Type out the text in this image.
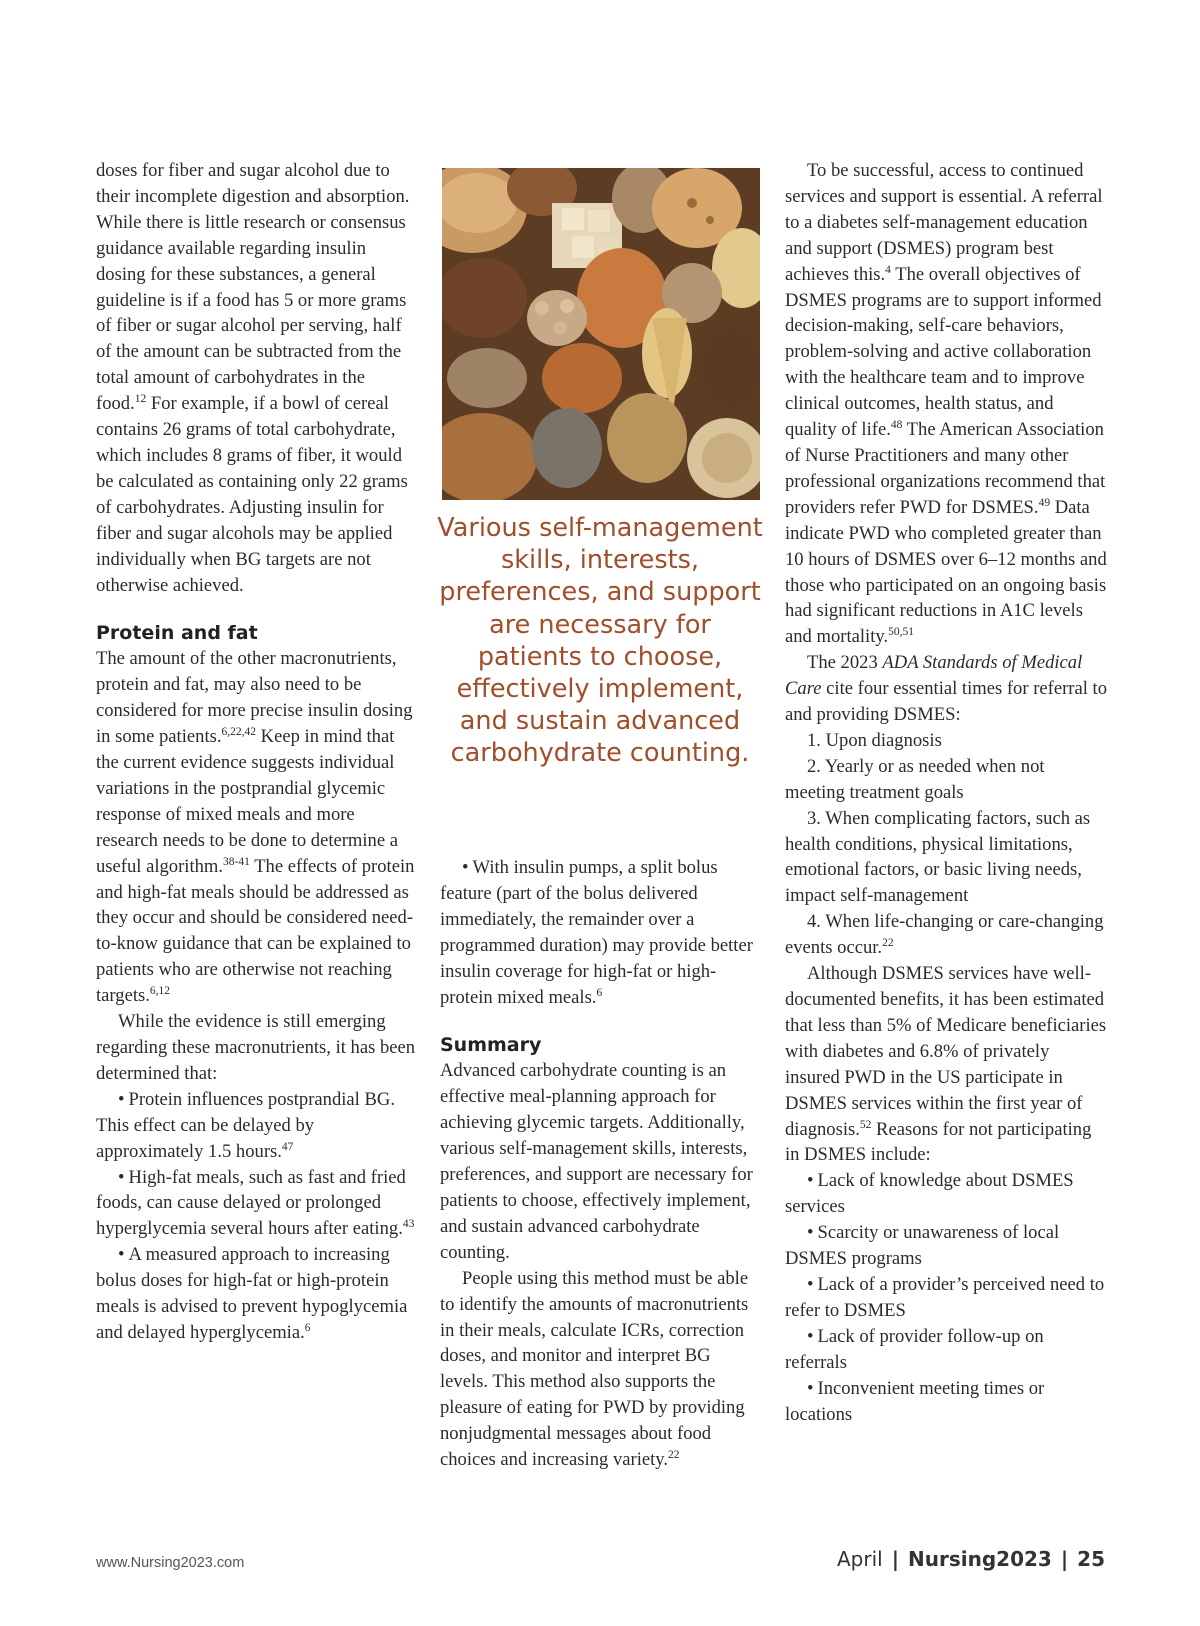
doses for fiber and sugar alcohol due to their incomplete digestion and absorption. While there is little research or consensus guidance available regarding insulin dosing for these substances, a general guideline is if a food has 5 or more grams of fiber or sugar alcohol per serving, half of the amount can be subtracted from the total amount of carbohydrates in the food.$^{12}$ For example, if a bowl of cereal contains 26 grams of total carbohydrate, which includes 8 grams of fiber, it would be calculated as containing only 22 grams of carbohydrates. Adjusting insulin for fiber and sugar alcohols may be applied individually when BG targets are not otherwise achieved.

Protein and fat

The amount of the other macronutrients, protein and fat, may also need to be considered for more precise insulin dosing in some patients.$^{6,22,42}$ Keep in mind that the current evidence suggests individual variations in the postprandial glycemic response of mixed meals and more research needs to be done to determine a useful algorithm.$^{38-41}$ The effects of protein and high-fat meals should be addressed as they occur and should be considered need-to-know guidance that can be explained to patients who are otherwise not reaching targets.$^{6,12}$

While the evidence is still emerging regarding these macronutrients, it has been determined that:

• Protein influences postprandial BG. This effect can be delayed by approximately 1.5 hours.$^{47}$

• High-fat meals, such as fast and fried foods, can cause delayed or prolonged hyperglycemia several hours after eating.$^{43}$

• A measured approach to increasing bolus doses for high-fat or high-protein meals is advised to prevent hypoglycemia and delayed hyperglycemia.$^6$

Various self-management skills, interests, preferences, and support are necessary for patients to choose, effectively implement, and sustain advanced carbohydrate counting.

• With insulin pumps, a split bolus feature (part of the bolus delivered immediately, the remainder over a programmed duration) may provide better insulin coverage for high-fat or high-protein mixed meals.$^6$

Summary

Advanced carbohydrate counting is an effective meal-planning approach for achieving glycemic targets. Additionally, various self-management skills, interests, preferences, and support are necessary for patients to choose, effectively implement, and sustain advanced carbohydrate counting.

People using this method must be able to identify the amounts of macronutrients in their meals, calculate ICRs, correction doses, and monitor and interpret BG levels. This method also supports the pleasure of eating for PWD by providing nonjudgmental messages about food choices and increasing variety.$^{22}$

To be successful, access to continued services and support is essential. A referral to a diabetes self-management education and support (DSMES) program best achieves this.$^4$ The overall objectives of DSMES programs are to support informed decision-making, self-care behaviors, problem-solving and active collaboration with the healthcare team and to improve clinical outcomes, health status, and quality of life.$^{48}$ The American Association of Nurse Practitioners and many other professional organizations recommend that providers refer PWD for DSMES.$^{49}$ Data indicate PWD who completed greater than 10 hours of DSMES over 6–12 months and those who participated on an ongoing basis had significant reductions in A1C levels and mortality.$^{50,51}$

The 2023 ADA Standards of Medical Care cite four essential times for referral to and providing DSMES:

1. Upon diagnosis

2. Yearly or as needed when not meeting treatment goals

3. When complicating factors, such as health conditions, physical limitations, emotional factors, or basic living needs, impact self-management

4. When life-changing or care-changing events occur.$^{22}$

Although DSMES services have well-documented benefits, it has been estimated that less than 5% of Medicare beneficiaries with diabetes and 6.8% of privately insured PWD in the US participate in DSMES services within the first year of diagnosis.$^{52}$ Reasons for not participating in DSMES include:

• Lack of knowledge about DSMES services

• Scarcity or unawareness of local DSMES programs

• Lack of a provider’s perceived need to refer to DSMES

• Lack of provider follow-up on referrals

• Inconvenient meeting times or locations

www.Nursing2023.com	April | Nursing2023 | 25
